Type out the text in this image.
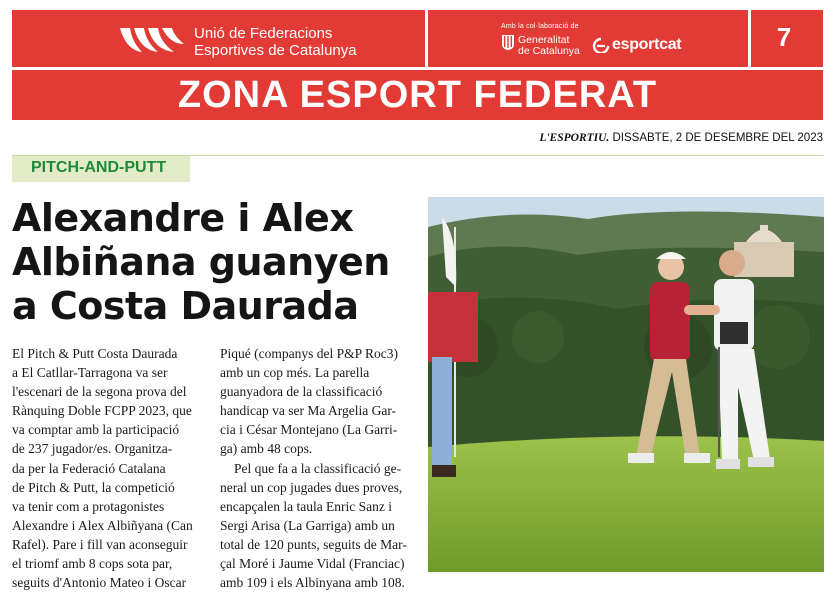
Unió de Federacions
Esportives de Catalunya
Amb la col·laboració de
Generalitat
de Catalunya esportcat	7
ZONA ESPORT FEDERAT
L'ESPORTIU. DISSABTE, 2 DE DESEMBRE DEL 2023
PITCH-AND-PUTT
Alexandre i Alex
Albiñana guanyen
a Costa Daurada
El Pitch & Putt Costa Daurada
a El Catllar-Tarragona va ser
l'escenari de la segona prova del
Rànquing Doble FCPP 2023, que
va comptar amb la participació
de 237 jugador/es. Organitza-
da per la Federació Catalana
de Pitch & Putt, la competició
va tenir com a protagonistes
Alexandre i Alex Albiñyana (Can
Rafel). Pare i fill van aconseguir
el triomf amb 8 cops sota par,
seguits d'Antonio Mateo i Oscar
Piqué (companys del P&P Roc3)
amb un cop més. La parella
guanyadora de la classificació
handicap va ser Ma Argelia Gar-
cia i César Montejano (La Garri-
ga) amb 48 cops.
Pel que fa a la classificació ge-
neral un cop jugades dues proves,
encapçalen la taula Enric Sanz i
Sergi Arisa (La Garriga) amb un
total de 120 punts, seguits de Mar-
çal Moré i Jaume Vidal (Franciac)
amb 109 i els Albinyana amb 108.
